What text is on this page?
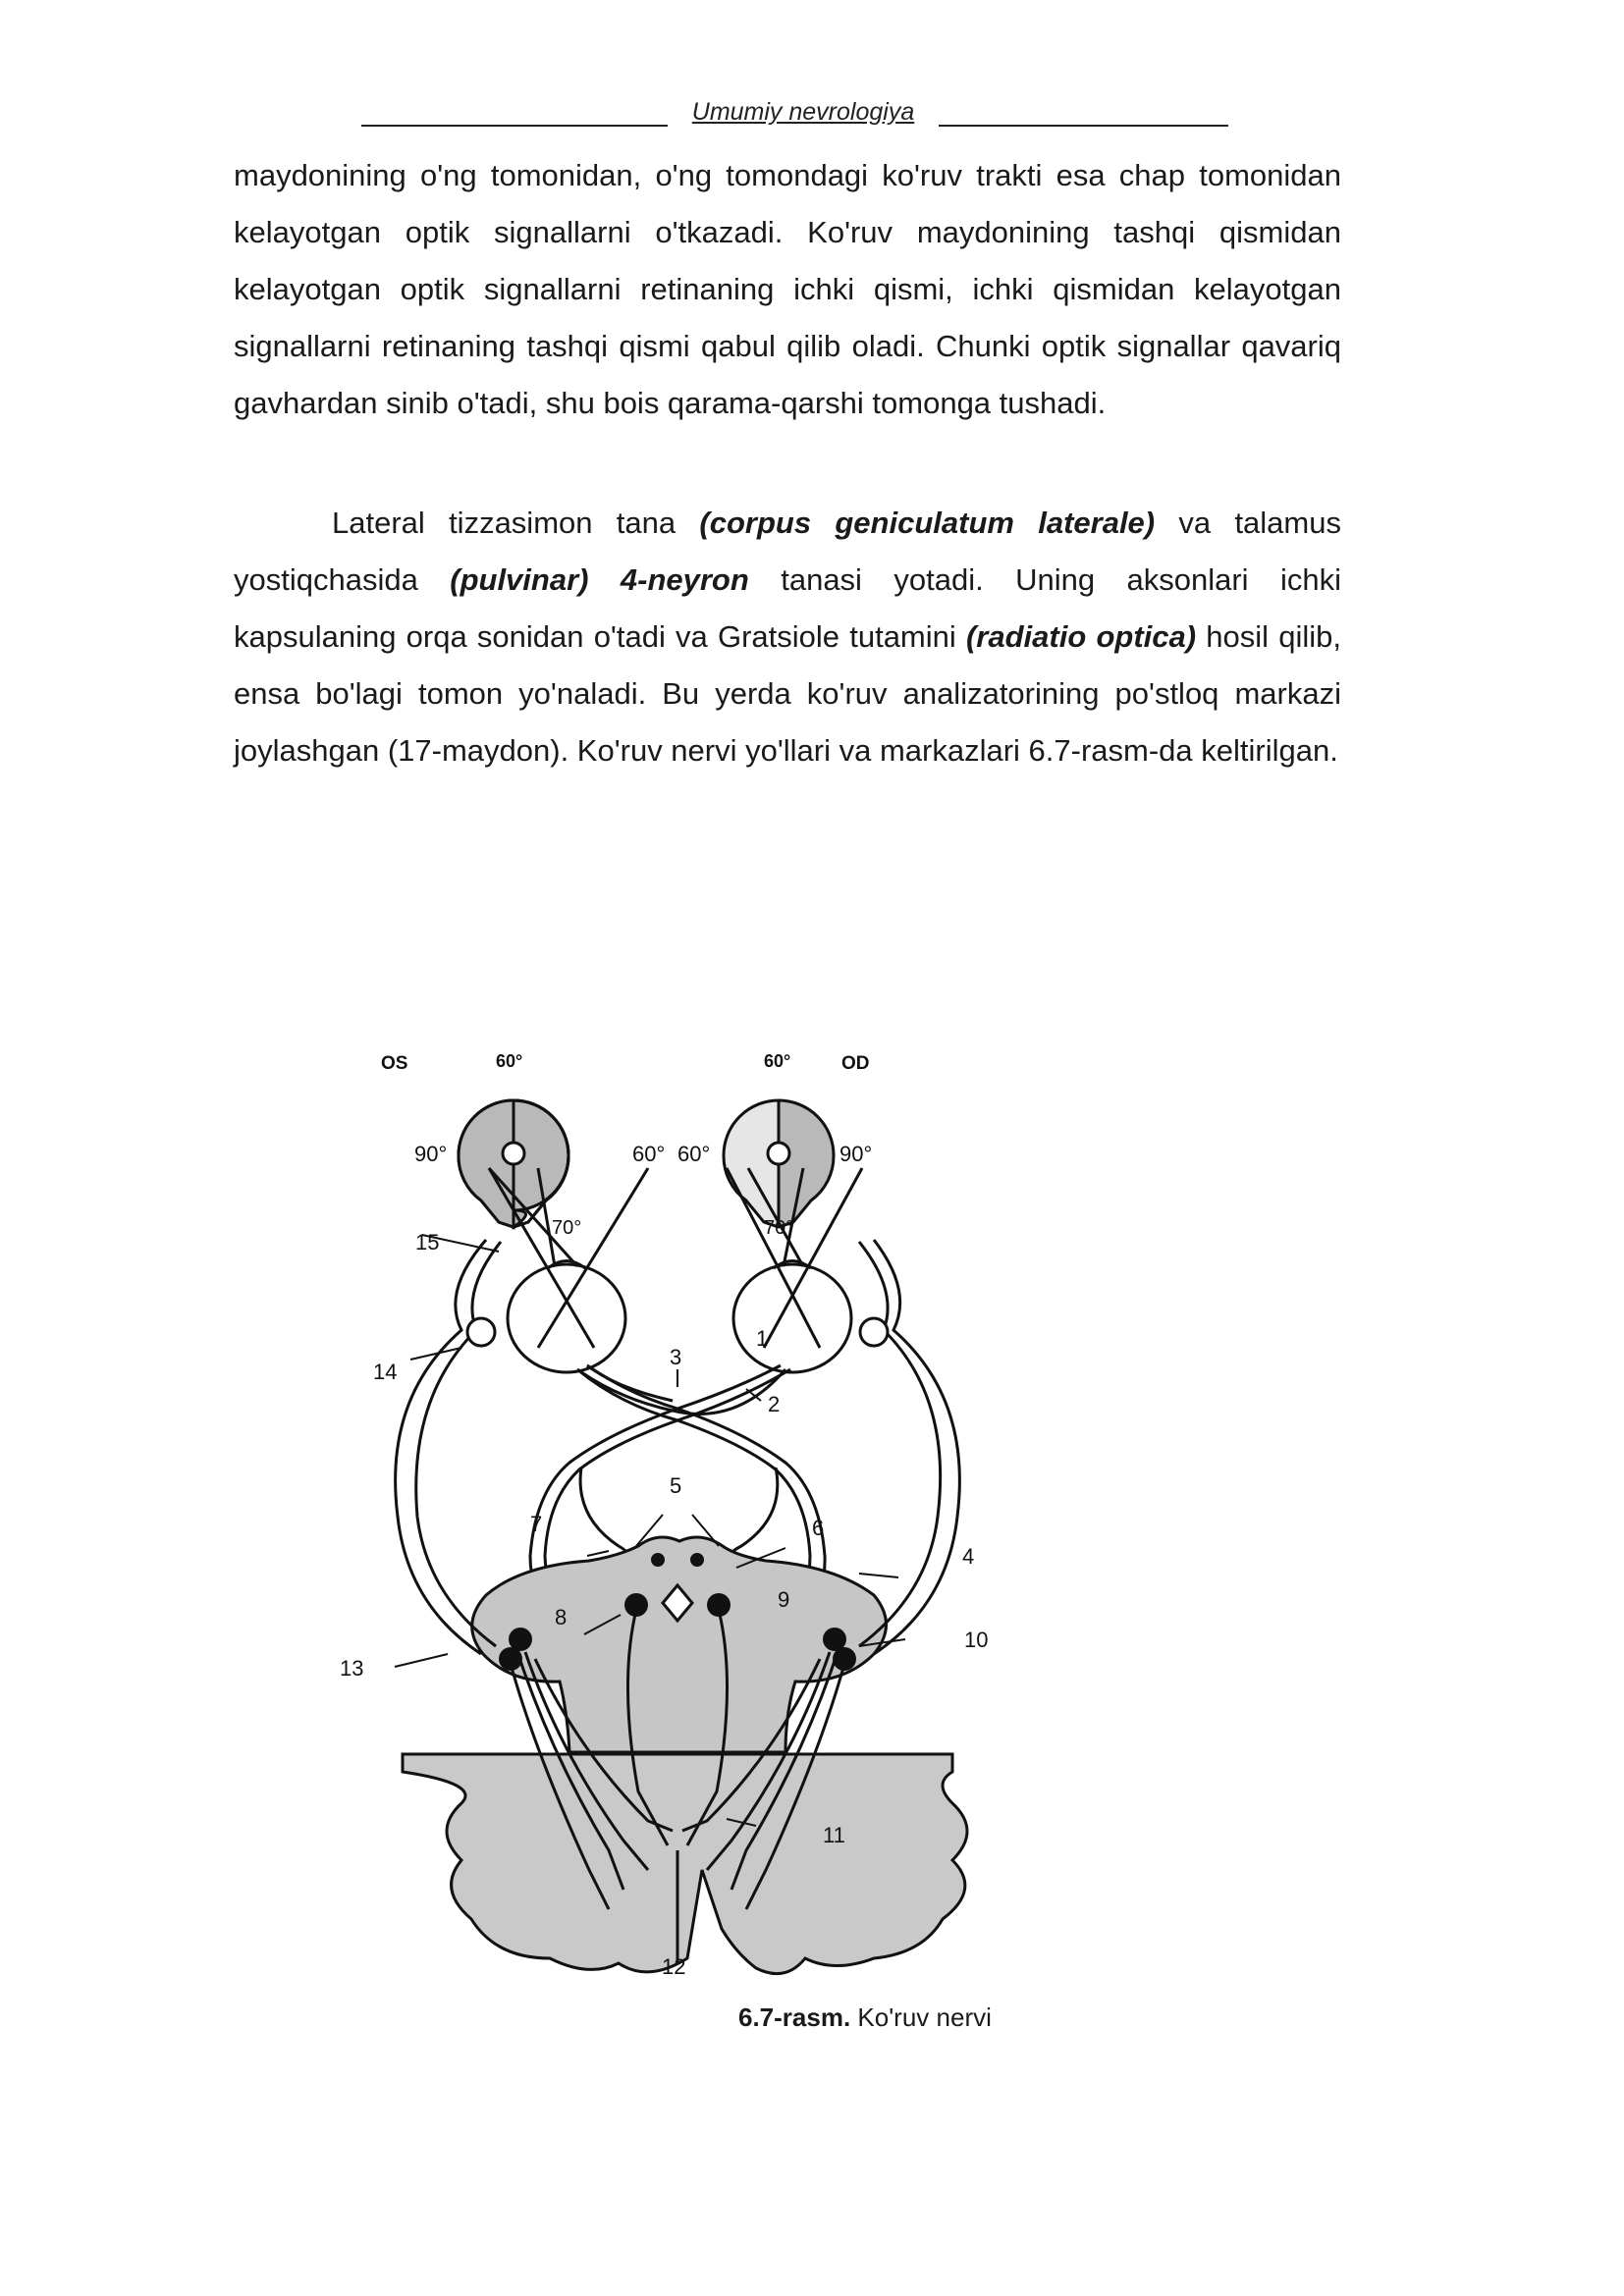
Umumiy nevrologiya

maydonining o'ng tomonidan, o'ng tomondagi ko'ruv trakti esa chap tomonidan kelayotgan optik signallarni o'tkazadi. Ko'ruv maydonining tashqi qismidan kelayotgan optik signallarni retinaning ichki qismi, ichki qismidan kelayotgan signallarni retinaning tashqi qismi qabul qilib oladi. Chunki optik signallar qavariq gavhardan sinib o'tadi, shu bois qarama-qarshi tomonga tushadi.

Lateral tizzasimon tana (corpus geniculatum laterale) va talamus yostiqchasida (pulvinar) 4-neyron tanasi yotadi. Uning aksonlari ichki kapsulaning orqa sonidan o'tadi va Gratsiole tutamini (radiatio optica) hosil qilib, ensa bo'lagi tomon yo'naladi. Bu yerda ko'ruv analizatorining po'stloq markazi joylashgan (17-maydon). Ko'ruv nervi yo'llari va markazlari 6.7-rasm-da keltirilgan.

OS	60°	60°	OD
90°	90°
60° 60°
70°	70°
1
2
3
4
5
6
7
8
9
10
11
12
13
14
15
6.7-rasm. Ko'ruv nervi
